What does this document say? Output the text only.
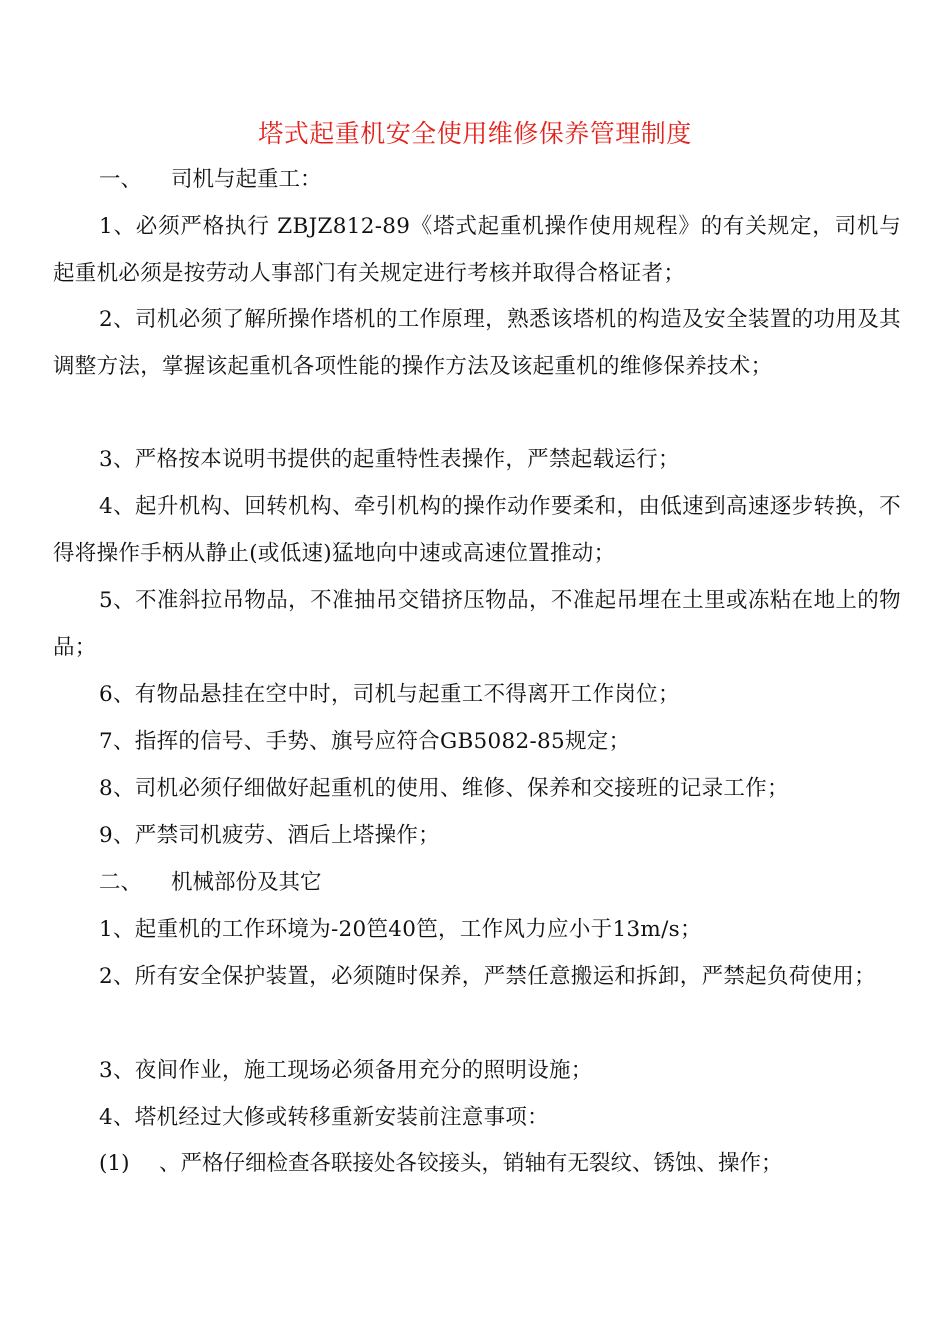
塔式起重机安全使用维修保养管理制度
一、 司机与起重工：
1、必须严格执行 ZBJZ812-89《塔式起重机操作使用规程》的有关规定，司机与起重机必须是按劳动人事部门有关规定进行考核并取得合格证者；
2、司机必须了解所操作塔机的工作原理，熟悉该塔机的构造及安全装置的功用及其调整方法，掌握该起重机各项性能的操作方法及该起重机的维修保养技术；
3、严格按本说明书提供的起重特性表操作，严禁起载运行；
4、起升机构、回转机构、牵引机构的操作动作要柔和，由低速到高速逐步转换，不得将操作手柄从静止(或低速)猛地向中速或高速位置推动；
5、不准斜拉吊物品，不准抽吊交错挤压物品，不准起吊埋在土里或冻粘在地上的物品；
6、有物品悬挂在空中时，司机与起重工不得离开工作岗位；
7、指挥的信号、手势、旗号应符合GB5082-85规定；
8、司机必须仔细做好起重机的使用、维修、保养和交接班的记录工作；
9、严禁司机疲劳、酒后上塔操作；
二、 机械部份及其它
1、起重机的工作环境为-20笆40笆，工作风力应小于13m/s；
2、所有安全保护装置，必须随时保养，严禁任意搬运和拆卸，严禁起负荷使用；
3、夜间作业，施工现场必须备用充分的照明设施；
4、塔机经过大修或转移重新安装前注意事项：
(1) 、严格仔细检查各联接处各铰接头，销轴有无裂纹、锈蚀、操作；
